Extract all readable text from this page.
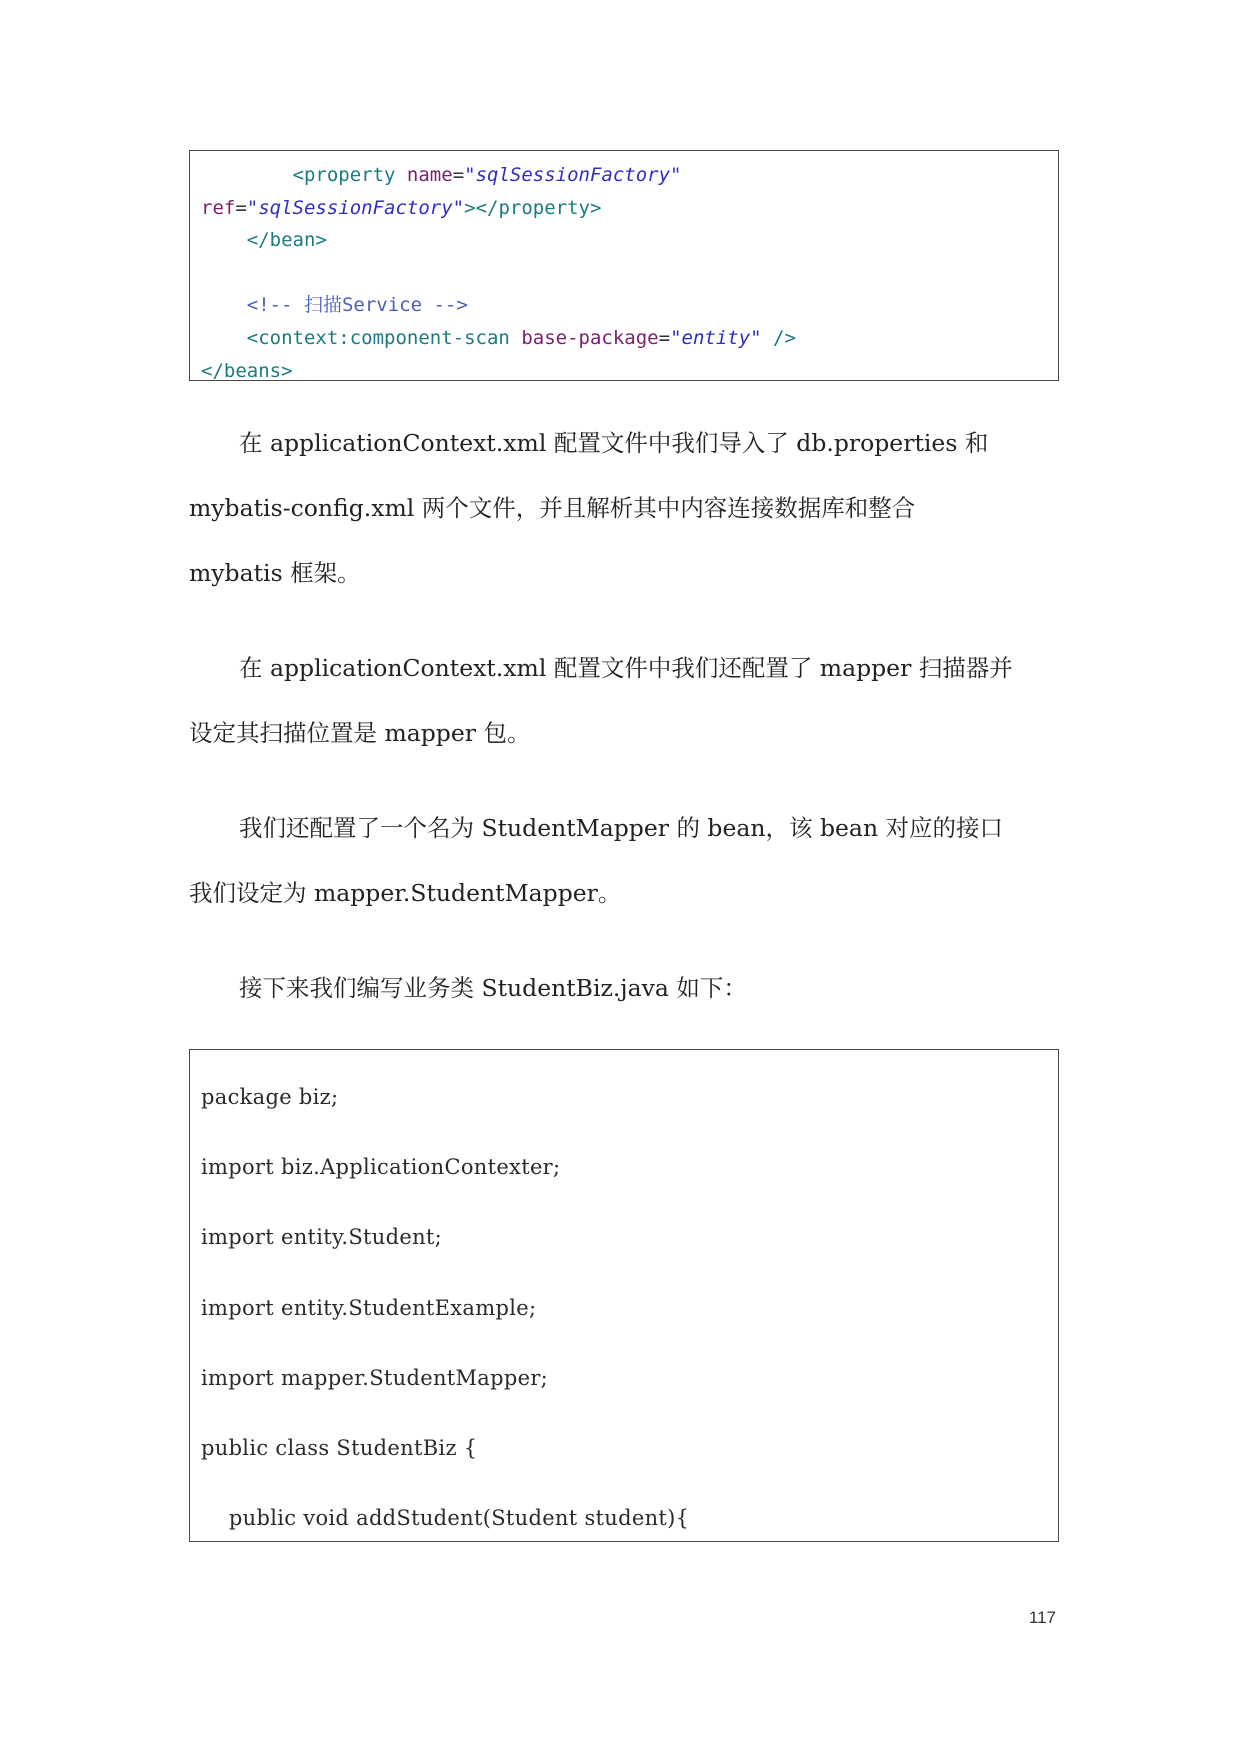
<property name="sqlSessionFactory"
ref="sqlSessionFactory"></property>
</bean>
<!-- 扫描Service -->
<context:component-scan base-package="entity" />
</beans>
在 applicationContext.xml 配置文件中我们导入了 db.properties 和
mybatis-config.xml 两个文件，并且解析其中内容连接数据库和整合
mybatis 框架。
在 applicationContext.xml 配置文件中我们还配置了 mapper 扫描器并
设定其扫描位置是 mapper 包。
我们还配置了一个名为 StudentMapper 的 bean，该 bean 对应的接口
我们设定为 mapper.StudentMapper。
接下来我们编写业务类 StudentBiz.java 如下：
package biz;
import biz.ApplicationContexter;
import entity.Student;
import entity.StudentExample;
import mapper.StudentMapper;
public class StudentBiz {
public void addStudent(Student student){
117
